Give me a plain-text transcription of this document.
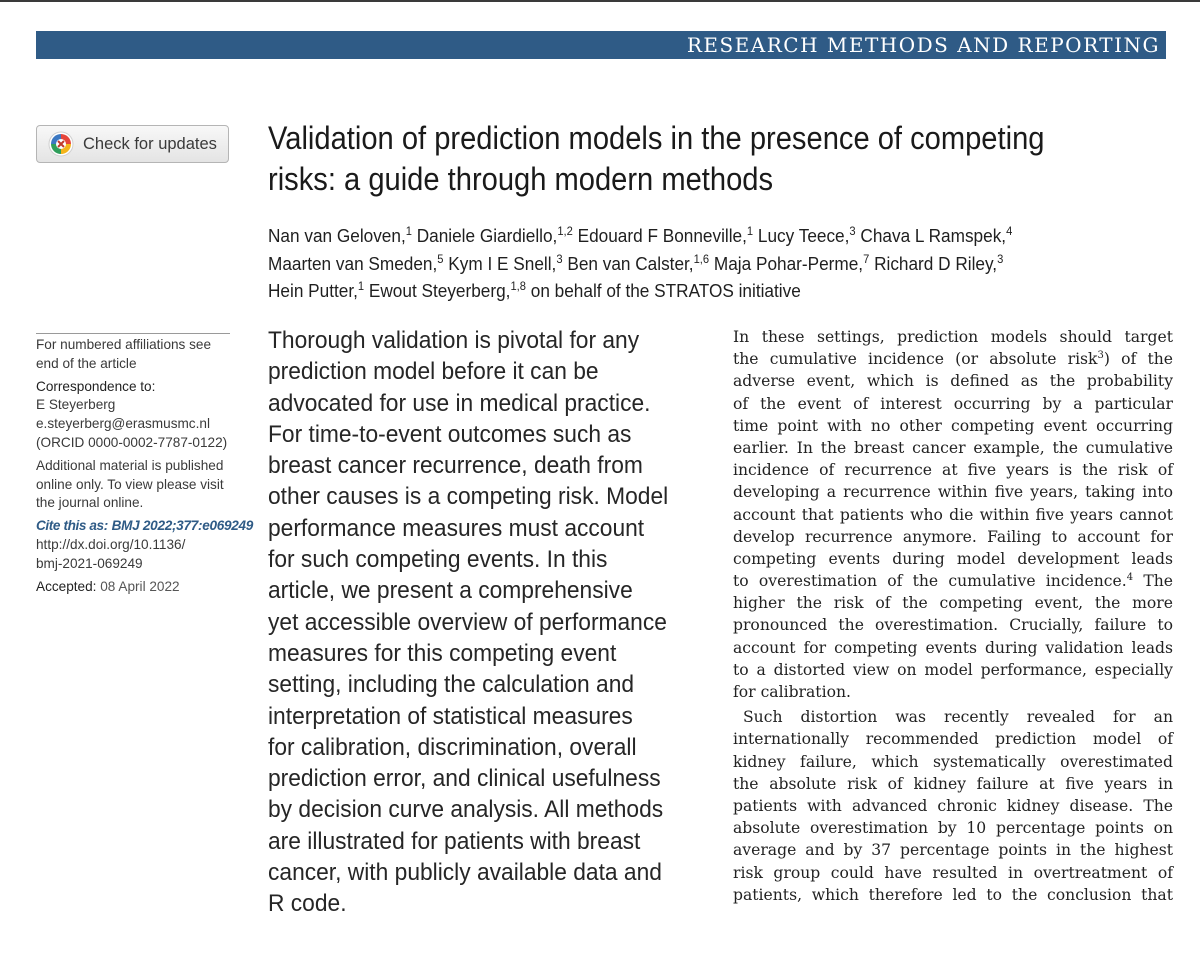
RESEARCH METHODS AND REPORTING
Check for updates Validation of prediction models in the presence of competing
risks: a guide through modern methods
Nan van Geloven,$^1$ Daniele Giardiello,$^{1,2}$ Edouard F Bonneville,$^1$ Lucy Teece,$^3$ Chava L Ramspek,$^4$
Maarten van Smeden,$^5$ Kym I E Snell,$^3$ Ben van Calster,$^{1,6}$ Maja Pohar-Perme,$^7$ Richard D Riley,$^3$
Hein Putter,$^1$ Ewout Steyerberg,$^{1,8}$ on behalf of the STRATOS initiative
For numbered affiliations see
end of the article
Correspondence to:
E Steyerberg
e.steyerberg@erasmusmc.nl
(ORCID 0000-0002-7787-0122)
Additional material is published
online only. To view please visit
the journal online.
Cite this as: BMJ 2022;377:e069249
http://dx.doi.org/10.1136/
bmj-2021-069249
Accepted: 08 April 2022
Thorough validation is pivotal for any
prediction model before it can be
advocated for use in medical practice.
For time-to-event outcomes such as
breast cancer recurrence, death from
other causes is a competing risk. Model
performance measures must account
for such competing events. In this
article, we present a comprehensive
yet accessible overview of performance
measures for this competing event
setting, including the calculation and
interpretation of statistical measures
for calibration, discrimination, overall
prediction error, and clinical usefulness
by decision curve analysis. All methods
are illustrated for patients with breast
cancer, with publicly available data and
R code.
In these settings, prediction models should target
the cumulative incidence (or absolute risk$^3$) of the
adverse event, which is defined as the probability
of the event of interest occurring by a particular
time point with no other competing event occurring
earlier. In the breast cancer example, the cumulative
incidence of recurrence at five years is the risk of
developing a recurrence within five years, taking into
account that patients who die within five years cannot
develop recurrence anymore. Failing to account for
competing events during model development leads
to overestimation of the cumulative incidence.$^4$ The
higher the risk of the competing event, the more
pronounced the overestimation. Crucially, failure to
account for competing events during validation leads
to a distorted view on model performance, especially
for calibration.
Such distortion was recently revealed for an
internationally recommended prediction model of
kidney failure, which systematically overestimated
the absolute risk of kidney failure at five years in
patients with advanced chronic kidney disease. The
absolute overestimation by 10 percentage points on
average and by 37 percentage points in the highest
risk group could have resulted in overtreatment of
patients, which therefore led to the conclusion that
